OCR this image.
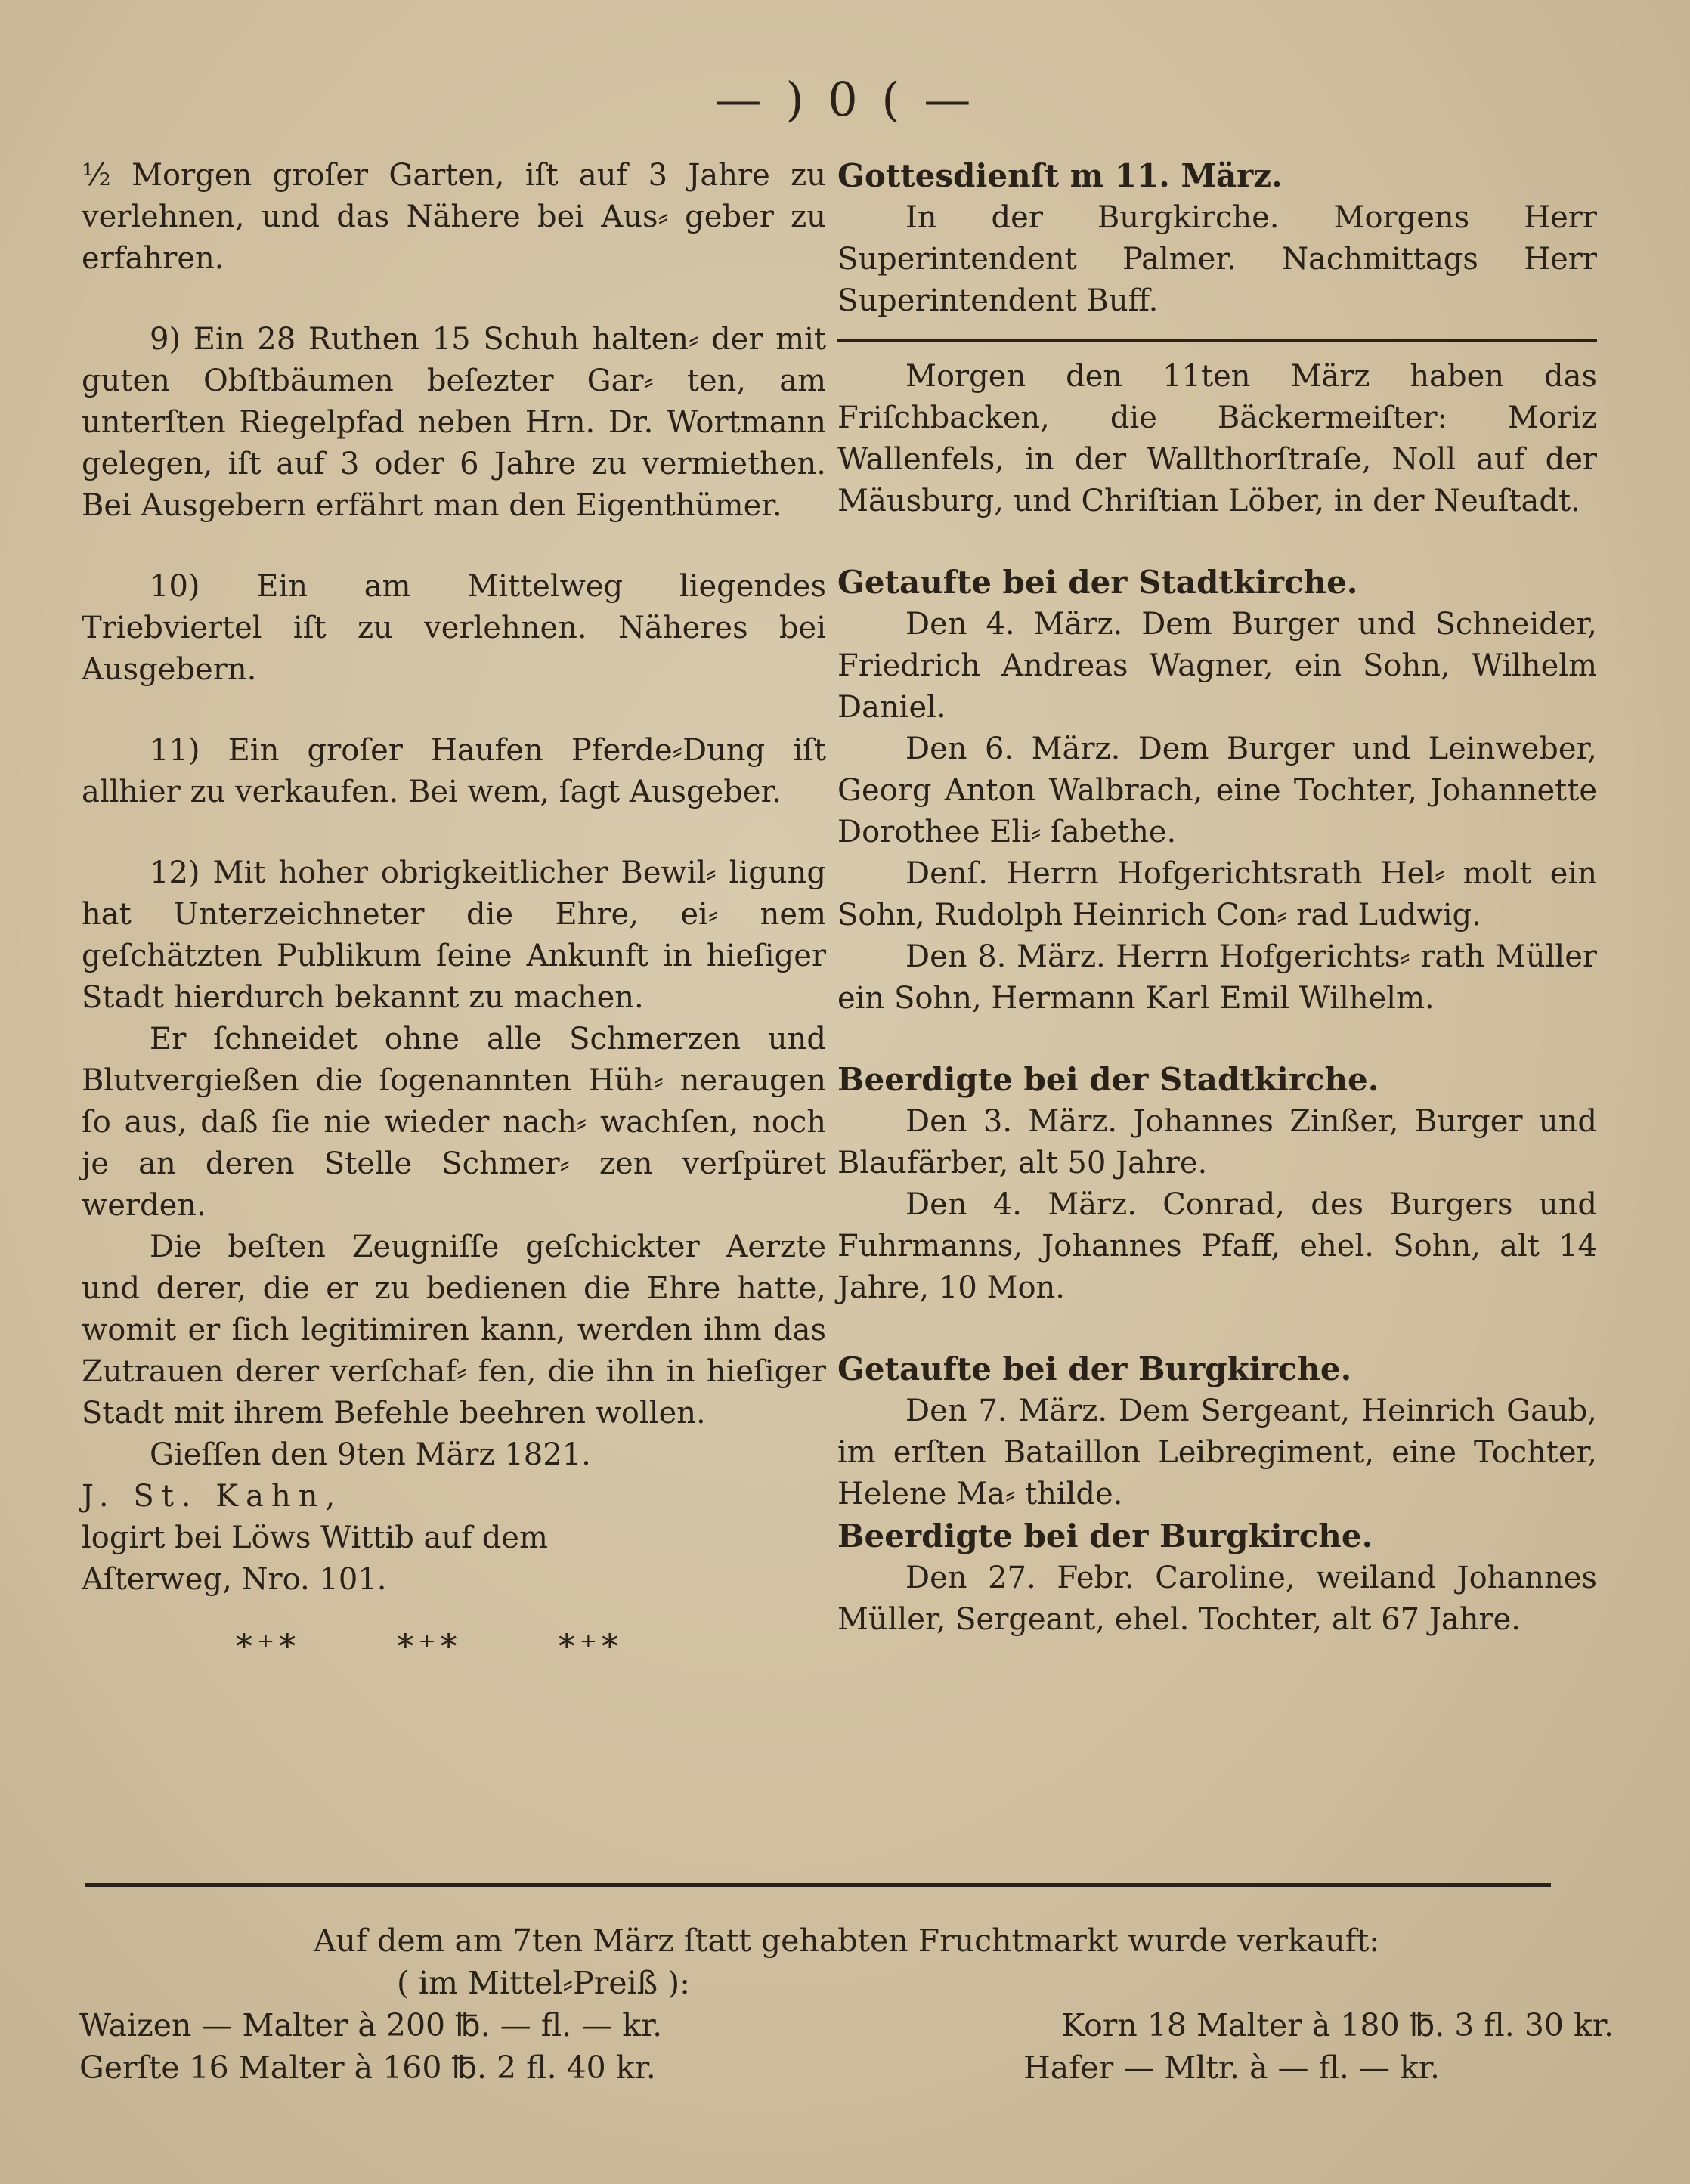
— ) 0 ( —

½ Morgen groſer Garten, iſt auf 3 Jahre zu verlehnen, und das Nähere bei Aus⸗ geber zu erfahren.

9) Ein 28 Ruthen 15 Schuh halten⸗ der mit guten Obſtbäumen beſezter Gar⸗ ten, am unterſten Riegelpfad neben Hrn. Dr. Wortmann gelegen, iſt auf 3 oder 6 Jahre zu vermiethen. Bei Ausgebern erfährt man den Eigenthümer.

10) Ein am Mittelweg liegendes Triebviertel iſt zu verlehnen. Näheres bei Ausgebern.

11) Ein groſer Haufen Pferde⸗Dung iſt allhier zu verkaufen. Bei wem, ſagt Ausgeber.

12) Mit hoher obrigkeitlicher Bewil⸗ ligung hat Unterzeichneter die Ehre, ei⸗ nem geſchätzten Publikum ſeine Ankunft in hieſiger Stadt hierdurch bekannt zu machen.

Er ſchneidet ohne alle Schmerzen und Blutvergießen die ſogenannten Hüh⸗ neraugen ſo aus, daß ſie nie wieder nach⸗ wachſen, noch je an deren Stelle Schmer⸗ zen verſpüret werden.

Die beſten Zeugniſſe geſchickter Aerzte und derer, die er zu bedienen die Ehre hatte, womit er ſich legitimiren kann, werden ihm das Zutrauen derer verſchaf⸗ fen, die ihn in hieſiger Stadt mit ihrem Befehle beehren wollen.

Gieſſen den 9ten März 1821.

J. St. Kahn,

logirt bei Löws Wittib auf dem

Aſterweg, Nro. 101.

*⁺*	*⁺*	*⁺*

Gottesdienſt m 11. März.

In der Burgkirche. Morgens Herr Superintendent Palmer. Nachmittags Herr Superintendent Buff.

Morgen den 11ten März haben das Friſchbacken, die Bäckermeiſter: Moriz Wallenfels, in der Wallthorſtraſe, Noll auf der Mäusburg, und Chriſtian Löber, in der Neuſtadt.

Getaufte bei der Stadtkirche.

Den 4. März. Dem Burger und Schneider, Friedrich Andreas Wagner, ein Sohn, Wilhelm Daniel.

Den 6. März. Dem Burger und Leinweber, Georg Anton Walbrach, eine Tochter, Johannette Dorothee Eli⸗ ſabethe.

Denſ. Herrn Hofgerichtsrath Hel⸗ molt ein Sohn, Rudolph Heinrich Con⸗ rad Ludwig.

Den 8. März. Herrn Hofgerichts⸗ rath Müller ein Sohn, Hermann Karl Emil Wilhelm.

Beerdigte bei der Stadtkirche.

Den 3. März. Johannes Zinßer, Burger und Blaufärber, alt 50 Jahre.

Den 4. März. Conrad, des Burgers und Fuhrmanns, Johannes Pfaff, ehel. Sohn, alt 14 Jahre, 10 Mon.

Getaufte bei der Burgkirche.

Den 7. März. Dem Sergeant, Heinrich Gaub, im erſten Bataillon Leibregiment, eine Tochter, Helene Ma⸗ thilde.

Beerdigte bei der Burgkirche.

Den 27. Febr. Caroline, weiland Johannes Müller, Sergeant, ehel. Tochter, alt 67 Jahre.

Auf dem am 7ten März ſtatt gehabten Fruchtmarkt wurde verkauft:

( im Mittel⸗Preiß ):

Waizen — Malter à 200 ℔. — fl. — kr.	Korn 18 Malter à 180 ℔. 3 fl. 30 kr.
Gerſte 16 Malter à 160 ℔. 2 fl. 40 kr.	Hafer — Mltr. à — fl. — kr.
